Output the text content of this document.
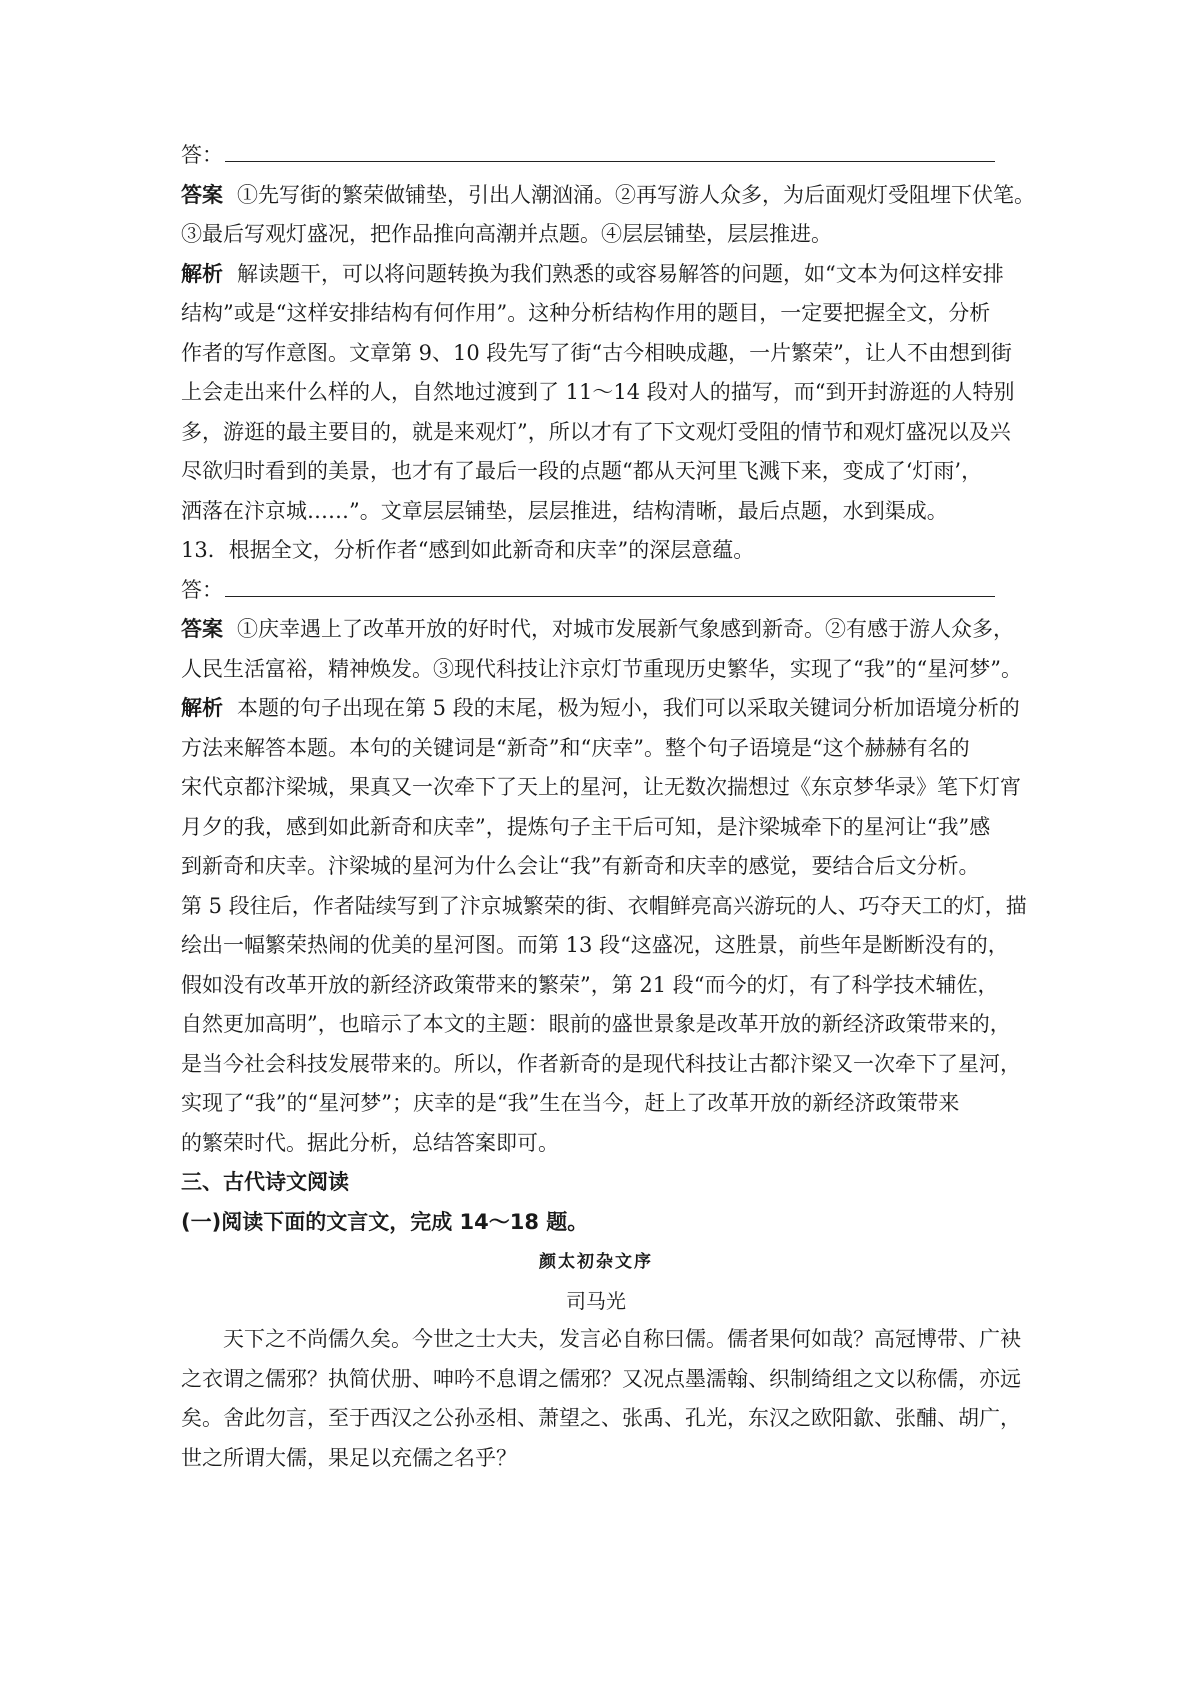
答：
答案 ①先写街的繁荣做铺垫，引出人潮汹涌。②再写游人众多，为后面观灯受阻埋下伏笔。
③最后写观灯盛况，把作品推向高潮并点题。④层层铺垫，层层推进。
解析 解读题干，可以将问题转换为我们熟悉的或容易解答的问题，如“文本为何这样安排
结构”或是“这样安排结构有何作用”。这种分析结构作用的题目，一定要把握全文，分析
作者的写作意图。文章第 9、10 段先写了街“古今相映成趣，一片繁荣”，让人不由想到街
上会走出来什么样的人，自然地过渡到了 11～14 段对人的描写，而“到开封游逛的人特别
多，游逛的最主要目的，就是来观灯”，所以才有了下文观灯受阻的情节和观灯盛况以及兴
尽欲归时看到的美景，也才有了最后一段的点题“都从天河里飞溅下来，变成了‘灯雨’，
洒落在汴京城……”。文章层层铺垫，层层推进，结构清晰，最后点题，水到渠成。
13．根据全文，分析作者“感到如此新奇和庆幸”的深层意蕴。
答：
答案 ①庆幸遇上了改革开放的好时代，对城市发展新气象感到新奇。②有感于游人众多，
人民生活富裕，精神焕发。③现代科技让汴京灯节重现历史繁华，实现了“我”的“星河梦”。
解析 本题的句子出现在第 5 段的末尾，极为短小，我们可以采取关键词分析加语境分析的
方法来解答本题。本句的关键词是“新奇”和“庆幸”。整个句子语境是“这个赫赫有名的
宋代京都汴梁城，果真又一次牵下了天上的星河，让无数次揣想过《东京梦华录》笔下灯宵
月夕的我，感到如此新奇和庆幸”，提炼句子主干后可知，是汴梁城牵下的星河让“我”感
到新奇和庆幸。汴梁城的星河为什么会让“我”有新奇和庆幸的感觉，要结合后文分析。
第 5 段往后，作者陆续写到了汴京城繁荣的街、衣帽鲜亮高兴游玩的人、巧夺天工的灯，描
绘出一幅繁荣热闹的优美的星河图。而第 13 段“这盛况，这胜景，前些年是断断没有的，
假如没有改革开放的新经济政策带来的繁荣”，第 21 段“而今的灯，有了科学技术辅佐，
自然更加高明”，也暗示了本文的主题：眼前的盛世景象是改革开放的新经济政策带来的，
是当今社会科技发展带来的。所以，作者新奇的是现代科技让古都汴梁又一次牵下了星河，
实现了“我”的“星河梦”；庆幸的是“我”生在当今，赶上了改革开放的新经济政策带来
的繁荣时代。据此分析，总结答案即可。
三、古代诗文阅读
(一)阅读下面的文言文，完成 14～18 题。
颜太初杂文序
司马光
天下之不尚儒久矣。今世之士大夫，发言必自称曰儒。儒者果何如哉？高冠博带、广袂
之衣谓之儒邪？执简伏册、呻吟不息谓之儒邪？又况点墨濡翰、织制绮组之文以称儒，亦远
矣。舍此勿言，至于西汉之公孙丞相、萧望之、张禹、孔光，东汉之欧阳歙、张酺、胡广，
世之所谓大儒，果足以充儒之名乎？
